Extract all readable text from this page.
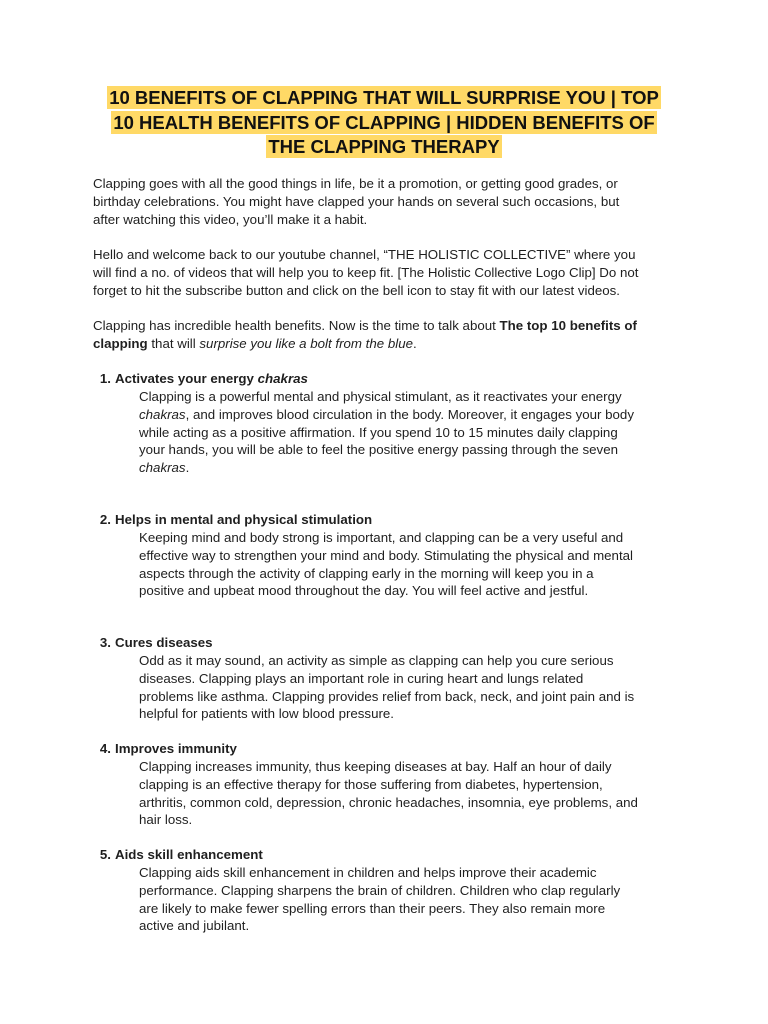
10 BENEFITS OF CLAPPING THAT WILL SURPRISE YOU | TOP
10 HEALTH BENEFITS OF CLAPPING | HIDDEN BENEFITS OF
THE CLAPPING THERAPY
Clapping goes with all the good things in life, be it a promotion, or getting good grades, or
birthday celebrations. You might have clapped your hands on several such occasions, but
after watching this video, you’ll make it a habit.
Hello and welcome back to our youtube channel, “THE HOLISTIC COLLECTIVE” where you
will find a no. of videos that will help you to keep fit. [The Holistic Collective Logo Clip] Do not
forget to hit the subscribe button and click on the bell icon to stay fit with our latest videos.
Clapping has incredible health benefits. Now is the time to talk about The top 10 benefits of
clapping that will surprise you like a bolt from the blue.
1. Activates your energy chakras
Clapping is a powerful mental and physical stimulant, as it reactivates your energy
chakras, and improves blood circulation in the body. Moreover, it engages your body
while acting as a positive affirmation. If you spend 10 to 15 minutes daily clapping
your hands, you will be able to feel the positive energy passing through the seven
chakras.
2. Helps in mental and physical stimulation
Keeping mind and body strong is important, and clapping can be a very useful and
effective way to strengthen your mind and body. Stimulating the physical and mental
aspects through the activity of clapping early in the morning will keep you in a
positive and upbeat mood throughout the day. You will feel active and jestful.
3. Cures diseases
Odd as it may sound, an activity as simple as clapping can help you cure serious
diseases. Clapping plays an important role in curing heart and lungs related
problems like asthma. Clapping provides relief from back, neck, and joint pain and is
helpful for patients with low blood pressure.
4. Improves immunity
Clapping increases immunity, thus keeping diseases at bay. Half an hour of daily
clapping is an effective therapy for those suffering from diabetes, hypertension,
arthritis, common cold, depression, chronic headaches, insomnia, eye problems, and
hair loss.
5. Aids skill enhancement
Clapping aids skill enhancement in children and helps improve their academic
performance. Clapping sharpens the brain of children. Children who clap regularly
are likely to make fewer spelling errors than their peers. They also remain more
active and jubilant.
